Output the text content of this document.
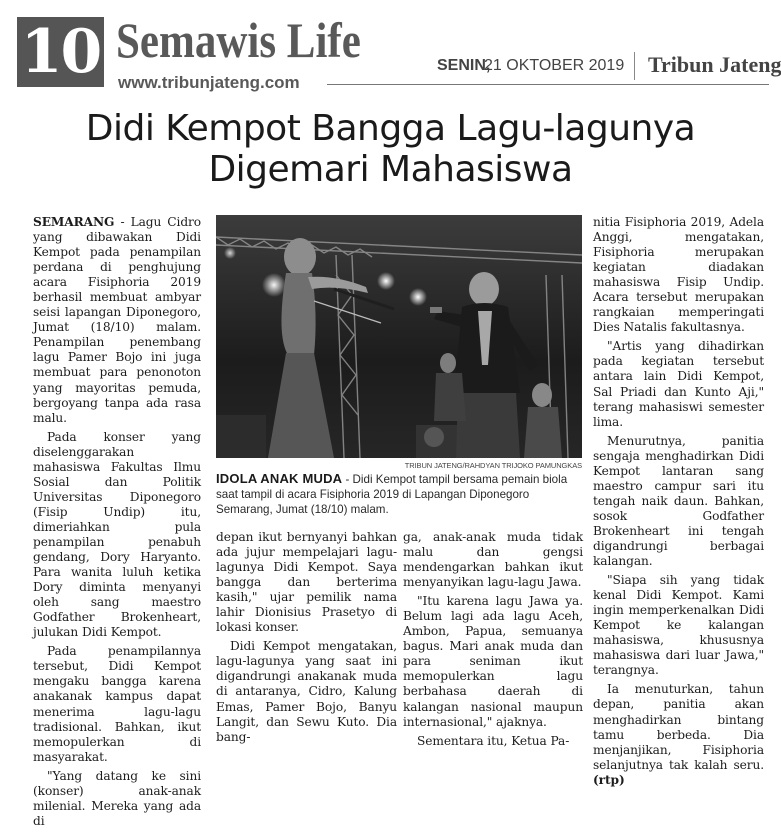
10 Semawis Life
www.tribunjateng.com
SENIN,
21 OKTOBER 2019 Tribun Jateng
Didi Kempot Bangga Lagu-lagunya Digemari Mahasiswa

SEMARANG - Lagu Cidro yang dibawakan Didi Kempot pada penampilan perdana di penghujung acara Fisiphoria 2019 berhasil membuat ambyar seisi lapangan Diponegoro, Jumat (18/10) malam. Penampilan penembang lagu Pamer Bojo ini juga membuat para penonoton yang mayoritas pemuda, bergoyang tanpa ada rasa malu.

Pada konser yang diselenggarakan mahasiswa Fakultas Ilmu Sosial dan Politik Universitas Diponegoro (Fisip Undip) itu, dimeriahkan pula penampilan penabuh gendang, Dory Haryanto. Para wanita luluh ketika Dory diminta menyanyi oleh sang maestro Godfather Brokenheart, julukan Didi Kempot.

Pada penampilannya tersebut, Didi Kempot mengaku bangga karena anakanak kampus dapat menerima lagu-lagu tradisional. Bahkan, ikut memopulerkan di masyarakat.

"Yang datang ke sini (konser) anak-anak milenial. Mereka yang ada di

TRIBUN JATENG/RAHDYAN TRIJOKO PAMUNGKAS
IDOLA ANAK MUDA - Didi Kempot tampil bersama pemain biola saat tampil di acara Fisiphoria 2019 di Lapangan Diponegoro Semarang, Jumat (18/10) malam.

depan ikut bernyanyi bahkan ada jujur mempelajari lagu-lagunya Didi Kempot. Saya bangga dan berterima kasih," ujar pemilik nama lahir Dionisius Prasetyo di lokasi konser.

Didi Kempot mengatakan, lagu-lagunya yang saat ini digandrungi anakanak muda di antaranya, Cidro, Kalung Emas, Pamer Bojo, Banyu Langit, dan Sewu Kuto. Dia bang-

ga, anak-anak muda tidak malu dan gengsi mendengarkan bahkan ikut menyanyikan lagu-lagu Jawa.

"Itu karena lagu Jawa ya. Belum lagi ada lagu Aceh, Ambon, Papua, semuanya bagus. Mari anak muda dan para seniman ikut memopulerkan lagu berbahasa daerah di kalangan nasional maupun internasional," ajaknya.

Sementara itu, Ketua Pa-

nitia Fisiphoria 2019, Adela Anggi, mengatakan, Fisiphoria merupakan kegiatan diadakan mahasiswa Fisip Undip. Acara tersebut merupakan rangkaian memperingati Dies Natalis fakultasnya.

"Artis yang dihadirkan pada kegiatan tersebut antara lain Didi Kempot, Sal Priadi dan Kunto Aji," terang mahasiswi semester lima.

Menurutnya, panitia sengaja menghadirkan Didi Kempot lantaran sang maestro campur sari itu tengah naik daun. Bahkan, sosok Godfather Brokenheart ini tengah digandrungi berbagai kalangan.

"Siapa sih yang tidak kenal Didi Kempot. Kami ingin memperkenalkan Didi Kempot ke kalangan mahasiswa, khususnya mahasiswa dari luar Jawa," terangnya.

Ia menuturkan, tahun depan, panitia akan menghadirkan bintang tamu berbeda. Dia menjanjikan, Fisiphoria selanjutnya tak kalah seru. (rtp)
